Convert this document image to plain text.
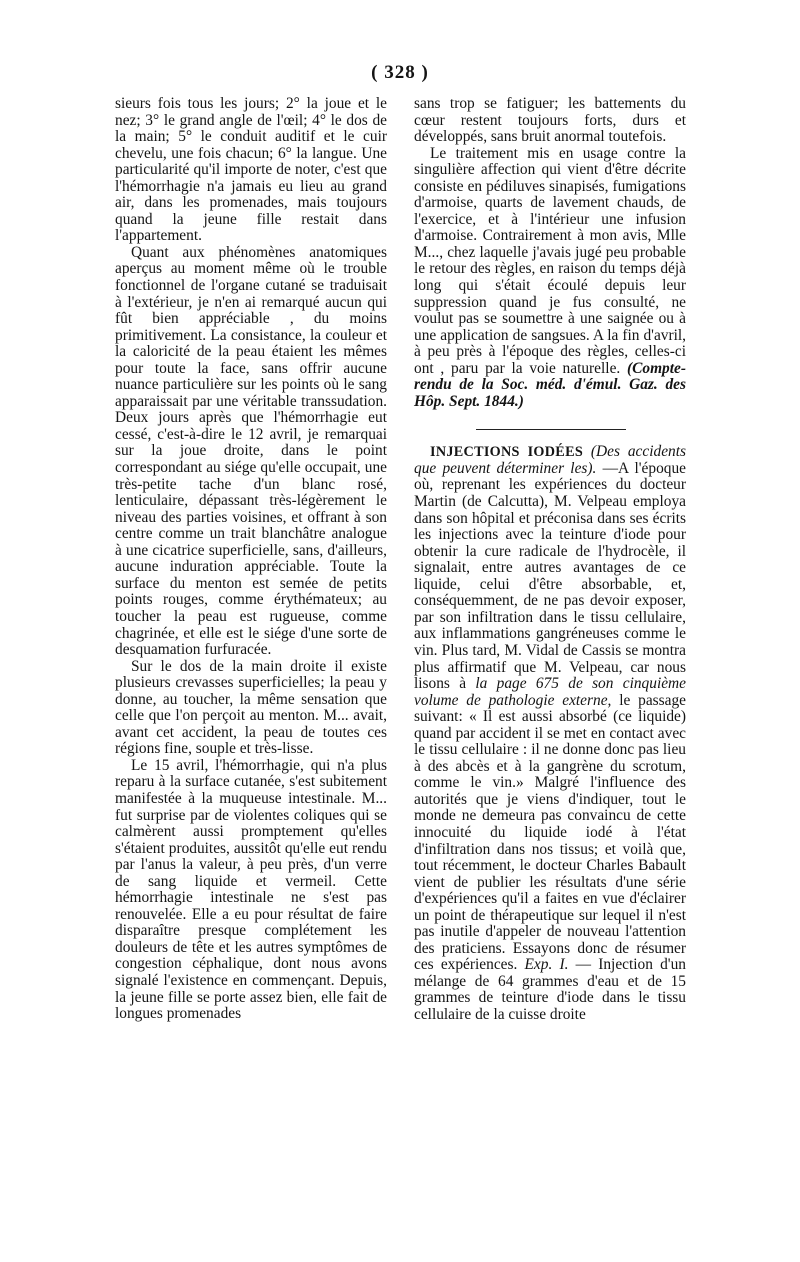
( 328 )

sieurs fois tous les jours; 2° la joue et le nez; 3° le grand angle de l'œil; 4° le dos de la main; 5° le conduit auditif et le cuir chevelu, une fois chacun; 6° la langue. Une particularité qu'il importe de noter, c'est que l'hémorrhagie n'a jamais eu lieu au grand air, dans les promenades, mais toujours quand la jeune fille restait dans l'appartement.

Quant aux phénomènes anatomiques aperçus au moment même où le trouble fonctionnel de l'organe cutané se traduisait à l'extérieur, je n'en ai remarqué aucun qui fût bien appréciable , du moins primitivement. La consistance, la couleur et la caloricité de la peau étaient les mêmes pour toute la face, sans offrir aucune nuance particulière sur les points où le sang apparaissait par une véritable transsudation. Deux jours après que l'hémorrhagie eut cessé, c'est-à-dire le 12 avril, je remarquai sur la joue droite, dans le point correspondant au siége qu'elle occupait, une très-petite tache d'un blanc rosé, lenticulaire, dépassant très-légèrement le niveau des parties voisines, et offrant à son centre comme un trait blanchâtre analogue à une cicatrice superficielle, sans, d'ailleurs, aucune induration appréciable. Toute la surface du menton est semée de petits points rouges, comme érythémateux; au toucher la peau est rugueuse, comme chagrinée, et elle est le siége d'une sorte de desquamation furfuracée.

Sur le dos de la main droite il existe plusieurs crevasses superficielles; la peau y donne, au toucher, la même sensation que celle que l'on perçoit au menton. M... avait, avant cet accident, la peau de toutes ces régions fine, souple et très-lisse.

Le 15 avril, l'hémorrhagie, qui n'a plus reparu à la surface cutanée, s'est subitement manifestée à la muqueuse intestinale. M... fut surprise par de violentes coliques qui se calmèrent aussi promptement qu'elles s'étaient produites, aussitôt qu'elle eut rendu par l'anus la valeur, à peu près, d'un verre de sang liquide et vermeil. Cette hémorrhagie intestinale ne s'est pas renouvelée. Elle a eu pour résultat de faire disparaître presque complétement les douleurs de tête et les autres symptômes de congestion céphalique, dont nous avons signalé l'existence en commençant. Depuis, la jeune fille se porte assez bien, elle fait de longues promenades

sans trop se fatiguer; les battements du cœur restent toujours forts, durs et développés, sans bruit anormal toutefois.

Le traitement mis en usage contre la singulière affection qui vient d'être décrite consiste en pédiluves sinapisés, fumigations d'armoise, quarts de lavement chauds, de l'exercice, et à l'intérieur une infusion d'armoise. Contrairement à mon avis, Mlle M..., chez laquelle j'avais jugé peu probable le retour des règles, en raison du temps déjà long qui s'était écoulé depuis leur suppression quand je fus consulté, ne voulut pas se soumettre à une saignée ou à une application de sangsues. A la fin d'avril, à peu près à l'époque des règles, celles-ci ont , paru par la voie naturelle. (Compte-rendu de la Soc. méd. d'émul. Gaz. des Hôp. Sept. 1844.)

INJECTIONS IODÉES (Des accidents que peuvent déterminer les). —A l'époque où, reprenant les expériences du docteur Martin (de Calcutta), M. Velpeau employa dans son hôpital et préconisa dans ses écrits les injections avec la teinture d'iode pour obtenir la cure radicale de l'hydrocèle, il signalait, entre autres avantages de ce liquide, celui d'être absorbable, et, conséquemment, de ne pas devoir exposer, par son infiltration dans le tissu cellulaire, aux inflammations gangréneuses comme le vin. Plus tard, M. Vidal de Cassis se montra plus affirmatif que M. Velpeau, car nous lisons à la page 675 de son cinquième volume de pathologie externe, le passage suivant: « Il est aussi absorbé (ce liquide) quand par accident il se met en contact avec le tissu cellulaire : il ne donne donc pas lieu à des abcès et à la gangrène du scrotum, comme le vin.» Malgré l'influence des autorités que je viens d'indiquer, tout le monde ne demeura pas convaincu de cette innocuité du liquide iodé à l'état d'infiltration dans nos tissus; et voilà que, tout récemment, le docteur Charles Babault vient de publier les résultats d'une série d'expériences qu'il a faites en vue d'éclairer un point de thérapeutique sur lequel il n'est pas inutile d'appeler de nouveau l'attention des praticiens. Essayons donc de résumer ces expériences. Exp. I. — Injection d'un mélange de 64 grammes d'eau et de 15 grammes de teinture d'iode dans le tissu cellulaire de la cuisse droite
